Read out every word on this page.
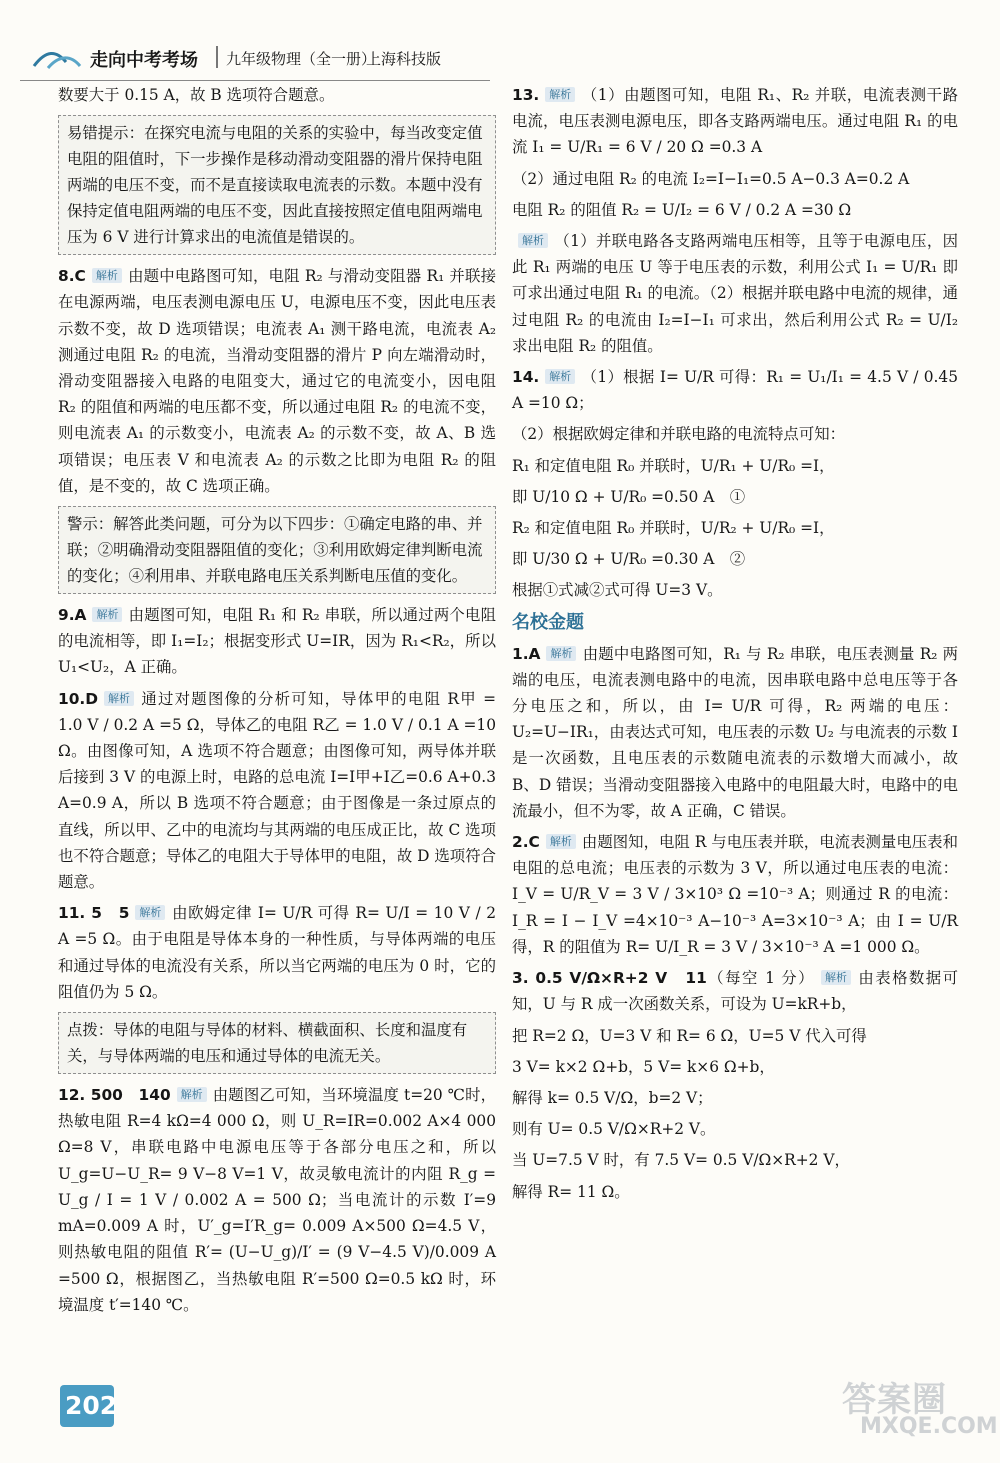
走向中考考场 九年级物理（全一册）
上海科技版

数要大于 0.15 A，故 B 选项符合题意。

易错提示：在探究电流与电阻的关系的实验中，每当改变定值电阻的阻值时，下一步操作是移动滑动变阻器的滑片保持电阻两端的电压不变，而不是直接读取电流表的示数。本题中没有保持定值电阻两端的电压不变，因此直接按照定值电阻两端电压为 6 V 进行计算求出的电流值是错误的。

8.C 解析 由题中电路图可知，电阻 R₂ 与滑动变阻器 R₁ 并联接在电源两端，电压表测电源电压 U，电源电压不变，因此电压表示数不变，故 D 选项错误；电流表 A₁ 测干路电流，电流表 A₂ 测通过电阻 R₂ 的电流，当滑动变阻器的滑片 P 向左端滑动时，滑动变阻器接入电路的电阻变大，通过它的电流变小，因电阻 R₂ 的阻值和两端的电压都不变，所以通过电阻 R₂ 的电流不变，则电流表 A₁ 的示数变小，电流表 A₂ 的示数不变，故 A、B 选项错误；电压表 V 和电流表 A₂ 的示数之比即为电阻 R₂ 的阻值，是不变的，故 C 选项正确。

警示：解答此类问题，可分为以下四步：①确定电路的串、并联；②明确滑动变阻器阻值的变化；③利用欧姆定律判断电流的变化；④利用串、并联电路电压关系判断电压值的变化。

9.A 解析 由题图可知，电阻 R₁ 和 R₂ 串联，所以通过两个电阻的电流相等，即 I₁=I₂；根据变形式 U=IR，因为 R₁<R₂，所以 U₁<U₂，A 正确。

10.D 解析 通过对题图像的分析可知，导体甲的电阻 R甲 = 1.0 V / 0.2 A =5 Ω，导体乙的电阻 R乙 = 1.0 V / 0.1 A =10 Ω。由图像可知，A 选项不符合题意；由图像可知，两导体并联后接到 3 V 的电源上时，电路的总电流 I=I甲+I乙=0.6 A+0.3 A=0.9 A，所以 B 选项不符合题意；由于图像是一条过原点的直线，所以甲、乙中的电流均与其两端的电压成正比，故 C 选项也不符合题意；导体乙的电阻大于导体甲的电阻，故 D 选项符合题意。

11. 5　5 解析 由欧姆定律 I= U/R 可得 R= U/I = 10 V / 2 A =5 Ω。由于电阻是导体本身的一种性质，与导体两端的电压和通过导体的电流没有关系，所以当它两端的电压为 0 时，它的阻值仍为 5 Ω。

点拨：导体的电阻与导体的材料、横截面积、长度和温度有关，与导体两端的电压和通过导体的电流无关。

12. 500　140 解析 由题图乙可知，当环境温度 t=20 ℃时，热敏电阻 R=4 kΩ=4 000 Ω，则 U_R=IR=0.002 A×4 000 Ω=8 V，串联电路中电源电压等于各部分电压之和，所以 U_g=U−U_R= 9 V−8 V=1 V，故灵敏电流计的内阻 R_g = U_g / I = 1 V / 0.002 A = 500 Ω；当电流计的示数 I′=9 mA=0.009 A 时，U′_g=I′R_g= 0.009 A×500 Ω=4.5 V，则热敏电阻的阻值 R′= (U−U_g)/I′ = (9 V−4.5 V)/0.009 A =500 Ω，根据图乙，当热敏电阻 R′=500 Ω=0.5 kΩ 时，环境温度 t′=140 ℃。

13. 解析 （1）由题图可知，电阻 R₁、R₂ 并联，电流表测干路电流，电压表测电源电压，即各支路两端电压。通过电阻 R₁ 的电流 I₁ = U/R₁ = 6 V / 20 Ω =0.3 A

（2）通过电阻 R₂ 的电流 I₂=I−I₁=0.5 A−0.3 A=0.2 A

电阻 R₂ 的阻值 R₂ = U/I₂ = 6 V / 0.2 A =30 Ω

解析 （1）并联电路各支路两端电压相等，且等于电源电压，因此 R₁ 两端的电压 U 等于电压表的示数，利用公式 I₁ = U/R₁ 即可求出通过电阻 R₁ 的电流。（2）根据并联电路中电流的规律，通过电阻 R₂ 的电流由 I₂=I−I₁ 可求出，然后利用公式 R₂ = U/I₂ 求出电阻 R₂ 的阻值。

14. 解析 （1）根据 I= U/R 可得：R₁ = U₁/I₁ = 4.5 V / 0.45 A =10 Ω；

（2）根据欧姆定律和并联电路的电流特点可知：

R₁ 和定值电阻 R₀ 并联时，U/R₁ + U/R₀ =I，

即 U/10 Ω + U/R₀ =0.50 A　①

R₂ 和定值电阻 R₀ 并联时，U/R₂ + U/R₀ =I，

即 U/30 Ω + U/R₀ =0.30 A　②

根据①式减②式可得 U=3 V。

名校金题

1.A 解析 由题中电路图可知，R₁ 与 R₂ 串联，电压表测量 R₂ 两端的电压，电流表测电路中的电流，因串联电路中总电压等于各分电压之和，所以，由 I= U/R 可得，R₂ 两端的电压：U₂=U−IR₁，由表达式可知，电压表的示数 U₂ 与电流表的示数 I 是一次函数，且电压表的示数随电流表的示数增大而减小，故 B、D 错误；当滑动变阻器接入电路中的电阻最大时，电路中的电流最小，但不为零，故 A 正确，C 错误。

2.C 解析 由题图知，电阻 R 与电压表并联，电流表测量电压表和电阻的总电流；电压表的示数为 3 V，所以通过电压表的电流：I_V = U/R_V = 3 V / 3×10³ Ω =10⁻³ A；则通过 R 的电流：I_R = I − I_V =4×10⁻³ A−10⁻³ A=3×10⁻³ A；由 I = U/R 得，R 的阻值为 R= U/I_R = 3 V / 3×10⁻³ A =1 000 Ω。

3. 0.5 V/Ω×R+2 V　11（每空 1 分） 解析 由表格数据可知，U 与 R 成一次函数关系，可设为 U=kR+b，

把 R=2 Ω，U=3 V 和 R= 6 Ω，U=5 V 代入可得

3 V= k×2 Ω+b，5 V= k×6 Ω+b，

解得 k= 0.5 V/Ω，b=2 V；

则有 U= 0.5 V/Ω×R+2 V。

当 U=7.5 V 时，有 7.5 V= 0.5 V/Ω×R+2 V，

解得 R= 11 Ω。

202	答案圈
MXQE.COM
